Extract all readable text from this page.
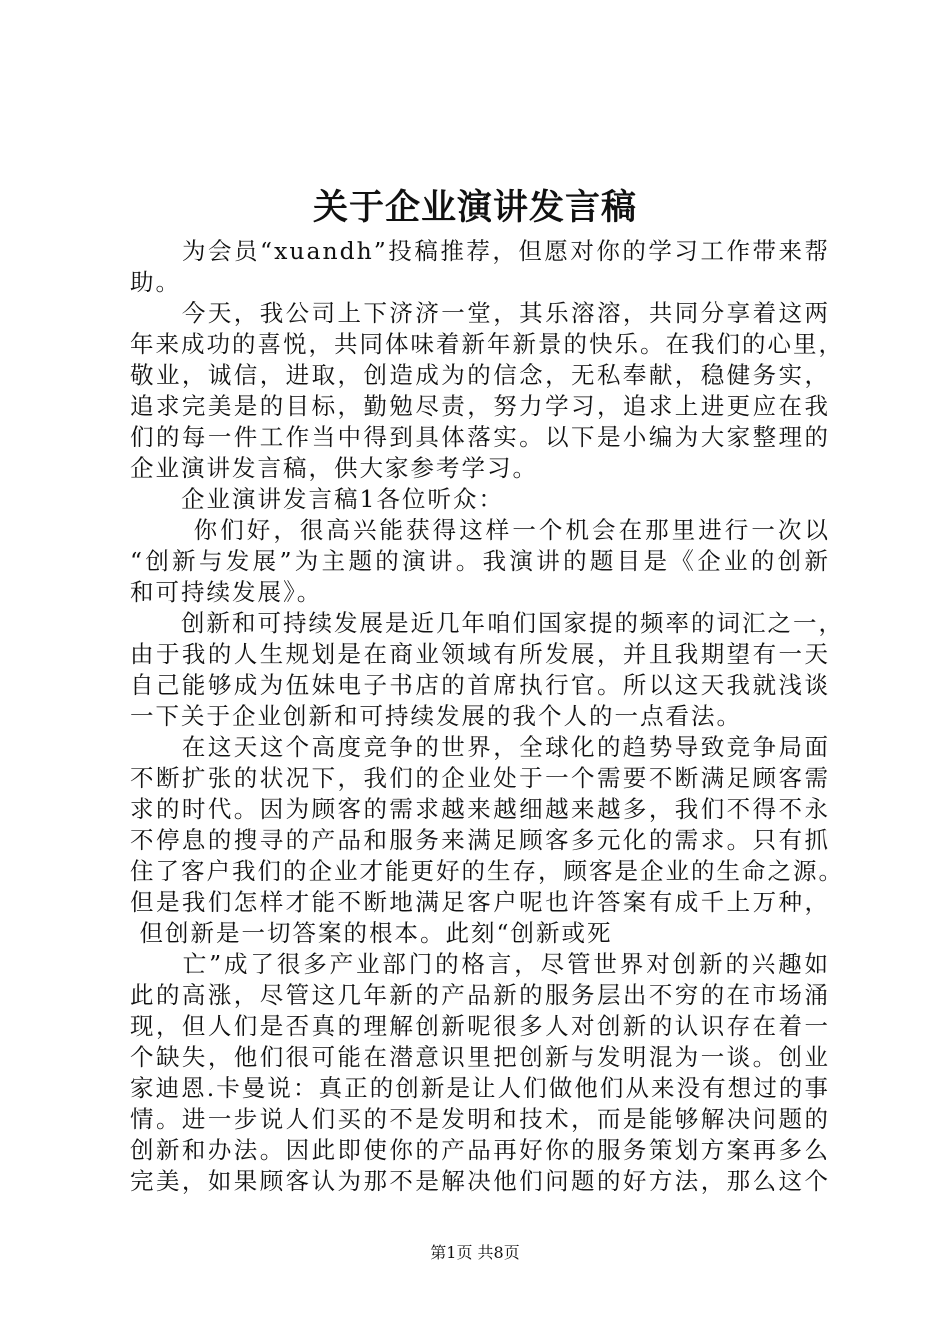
关于企业演讲发言稿
　　为会员“xuandh”投稿推荐，但愿对你的学习工作带来帮
助。
　　今天，我公司上下济济一堂，其乐溶溶，共同分享着这两
年来成功的喜悦，共同体味着新年新景的快乐。在我们的心里，
敬业，诚信，进取，创造成为的信念，无私奉献，稳健务实，
追求完美是的目标，勤勉尽责，努力学习，追求上进更应在我
们的每一件工作当中得到具体落实。以下是小编为大家整理的
企业演讲发言稿，供大家参考学习。
　　企业演讲发言稿1各位听众：
　　 你们好，很高兴能获得这样一个机会在那里进行一次以
“创新与发展”为主题的演讲。我演讲的题目是《企业的创新
和可持续发展》。
　　创新和可持续发展是近几年咱们国家提的频率的词汇之一，
由于我的人生规划是在商业领域有所发展，并且我期望有一天
自己能够成为伍妹电子书店的首席执行官。所以这天我就浅谈
一下关于企业创新和可持续发展的我个人的一点看法。
　　在这天这个高度竞争的世界，全球化的趋势导致竞争局面
不断扩张的状况下，我们的企业处于一个需要不断满足顾客需
求的时代。因为顾客的需求越来越细越来越多，我们不得不永
不停息的搜寻的产品和服务来满足顾客多元化的需求。只有抓
住了客户我们的企业才能更好的生存，顾客是企业的生命之源。
但是我们怎样才能不断地满足客户呢也许答案有成千上万种，
但创新是一切答案的根本。此刻“创新或死
　　亡”成了很多产业部门的格言，尽管世界对创新的兴趣如
此的高涨，尽管这几年新的产品新的服务层出不穷的在市场涌
现，但人们是否真的理解创新呢很多人对创新的认识存在着一
个缺失，他们很可能在潜意识里把创新与发明混为一谈。创业
家迪恩.卡曼说：真正的创新是让人们做他们从来没有想过的事
情。进一步说人们买的不是发明和技术，而是能够解决问题的
创新和办法。因此即使你的产品再好你的服务策划方案再多么
完美，如果顾客认为那不是解决他们问题的好方法，那么这个
第1页 共8页
